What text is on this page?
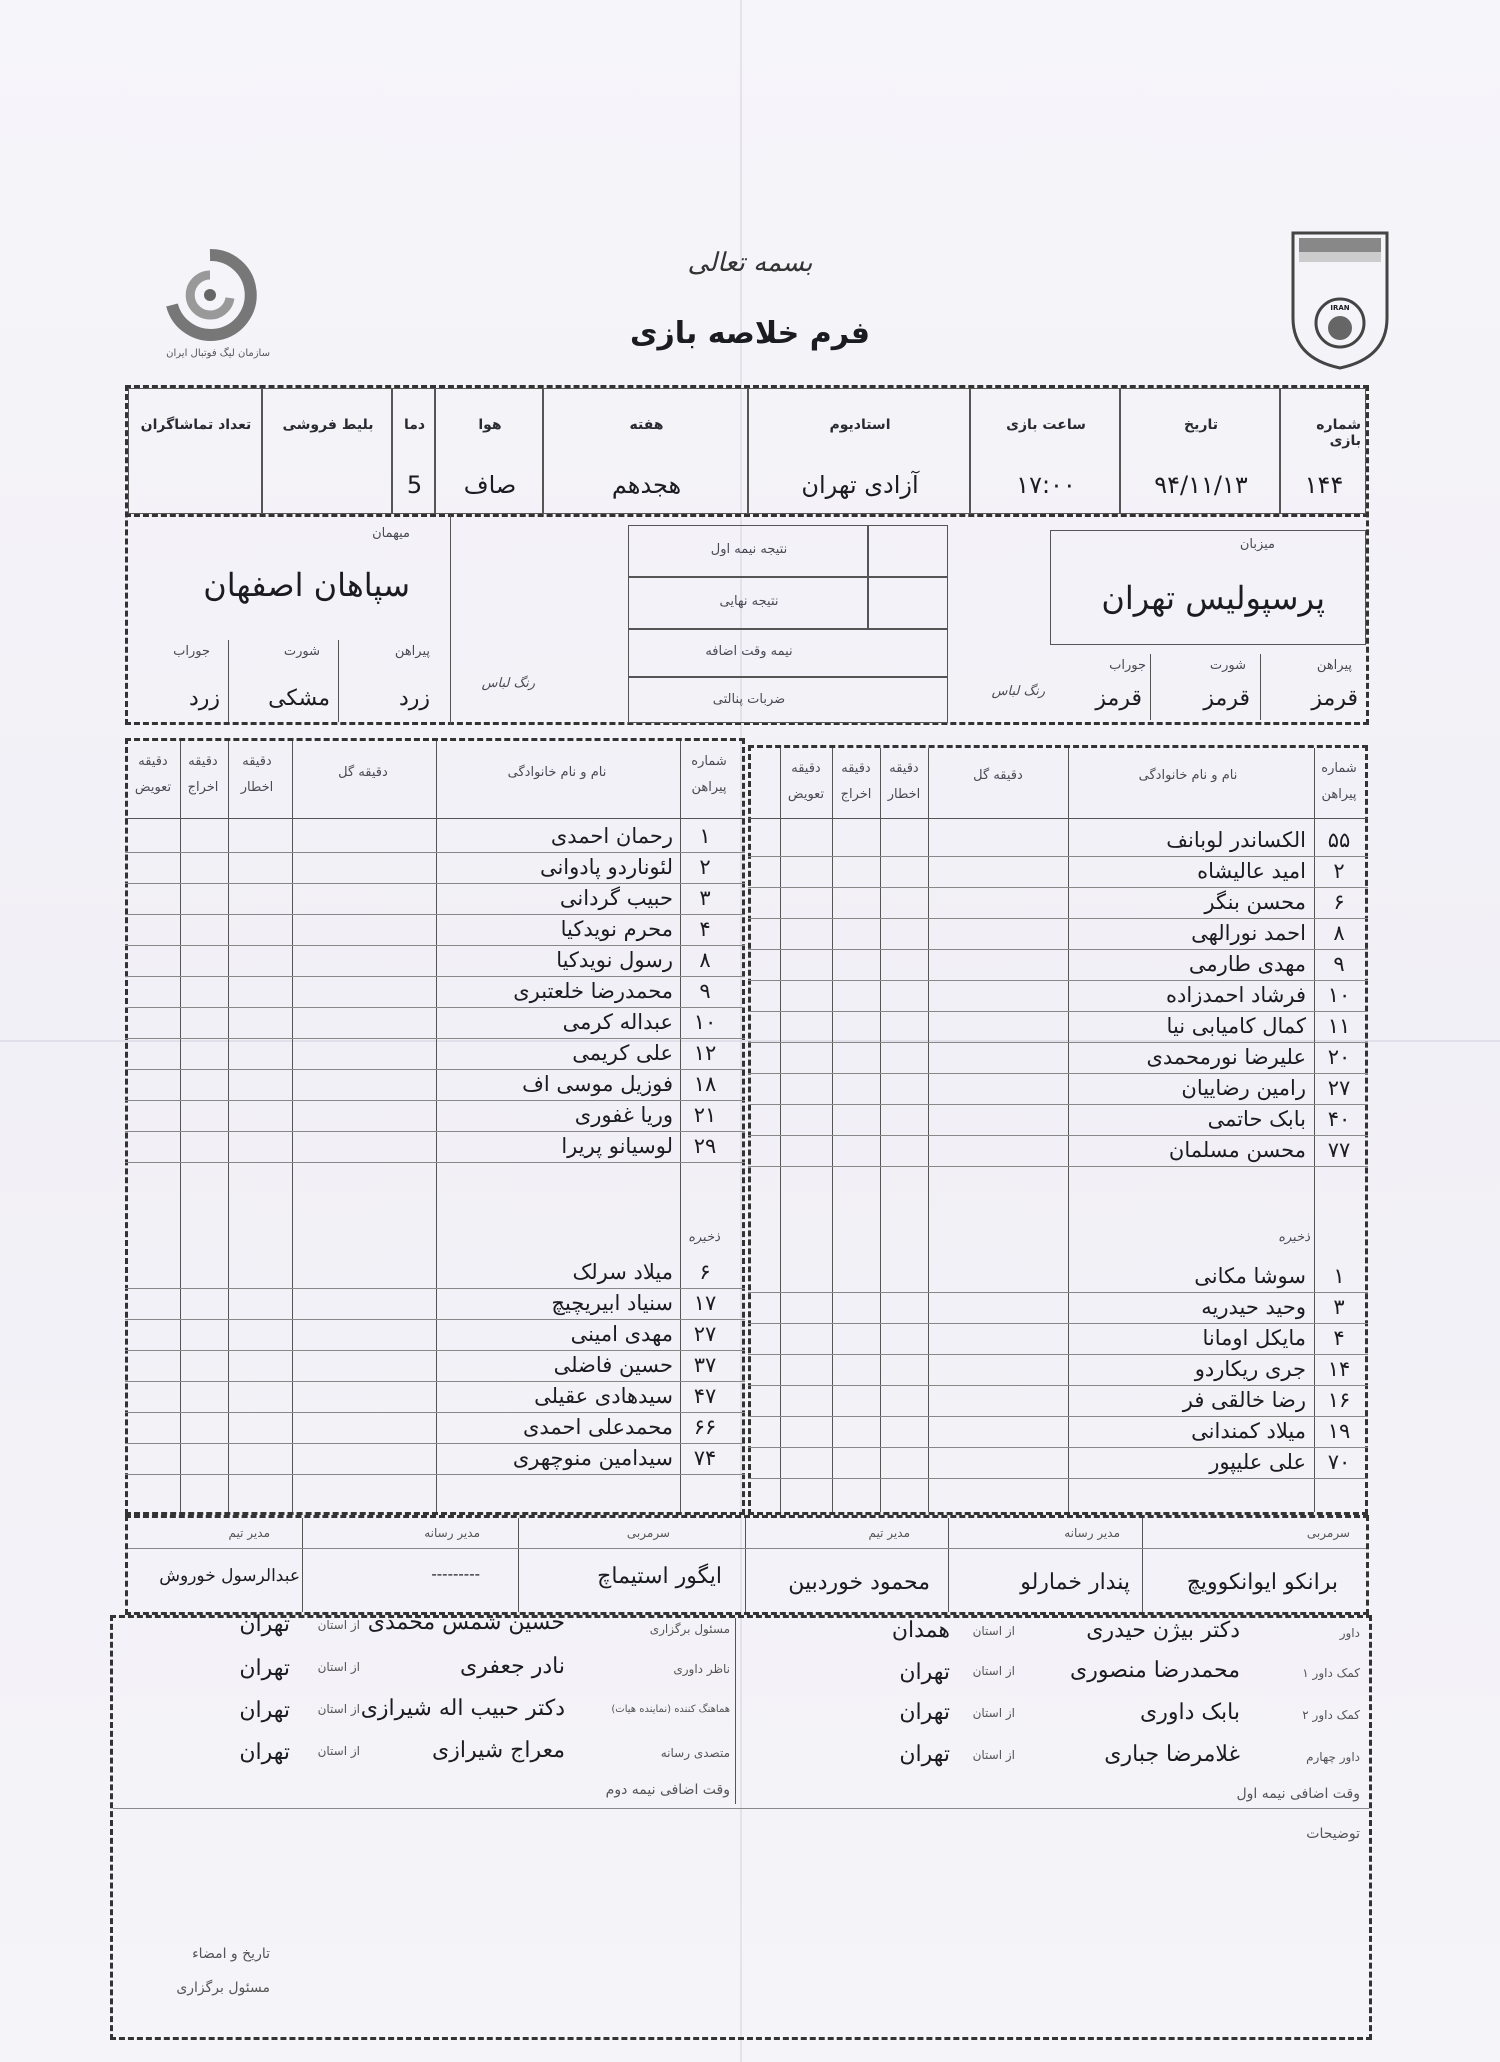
سازمان لیگ فوتبال ایران
بسمه تعالی
فرم خلاصه بازی
IRAN
شماره بازی
۱۴۴
تاریخ
۹۴/۱۱/۱۳
ساعت بازی
۱۷:۰۰
استادیوم
آزادی تهران
هفته
هجدهم
هوا
صاف
دما
5
بلیط فروشی
تعداد تماشاگران
میزبان
پرسپولیس تهران
میهمان
سپاهان اصفهان
نتیجه نیمه اول
نتیجه نهایی
نیمه وقت اضافه
ضربات پنالتی
پیراهن
شورت
جوراب
قرمز
قرمز
قرمز
رنگ لباس
پیراهن
شورت
جوراب
زرد
مشکی
زرد
رنگ لباس
شماره
پیراهن
نام و نام خانوادگی
دقیقه گل
دقیقه
اخطار
دقیقه
اخراج
دقیقه
تعویض
۵۵
الکساندر لوبانف
۲
امید عالیشاه
۶
محسن بنگر
۸
احمد نورالهی
۹
مهدی طارمی
۱۰
فرشاد احمدزاده
۱۱
کمال کامیابی نیا
۲۰
علیرضا نورمحمدی
۲۷
رامین رضاییان
۴۰
بابک حاتمی
۷۷
محسن مسلمان
ذخیره
۱
سوشا مکانی
۳
وحید حیدریه
۴
مایکل اومانا
۱۴
جری ریکاردو
۱۶
رضا خالقی فر
۱۹
میلاد کمندانی
۷۰
علی علیپور
شماره
پیراهن
نام و نام خانوادگی
دقیقه گل
دقیقه
اخطار
دقیقه
اخراج
دقیقه
تعویض
۱
رحمان احمدی
۲
لئوناردو پادوانی
۳
حبیب گردانی
۴
محرم نویدکیا
۸
رسول نویدکیا
۹
محمدرضا خلعتبری
۱۰
عبداله کرمی
۱۲
علی کریمی
۱۸
فوزیل موسی اف
۲۱
وریا غفوری
۲۹
لوسیانو پریرا
ذخیره
۶
میلاد سرلک
۱۷
سنیاد ابیریچیچ
۲۷
مهدی امینی
۳۷
حسین فاضلی
۴۷
سیدهادی عقیلی
۶۶
محمدعلی احمدی
۷۴
سیدامین منوچهری
سرمربی
مدیر رسانه
مدیر تیم
برانکو ایوانکوویچ
پندار خمارلو
محمود خوردبین
سرمربی
مدیر رسانه
مدیر تیم
ایگور استیماچ
---------
عبدالرسول خوروش
داور
دکتر بیژن حیدری
از استان
همدان
کمک داور ۱
محمدرضا منصوری
از استان
تهران
کمک داور ۲
بابک داوری
از استان
تهران
داور چهارم
غلامرضا جباری
از استان
تهران
مسئول برگزاری
حسین شمس محمدی
از استان
تهران
ناظر داوری
نادر جعفری
از استان
تهران
هماهنگ کننده (نماینده هیات)
دکتر حبیب اله شیرازی
از استان
تهران
متصدی رسانه
معراج شیرازی
از استان
تهران
وقت اضافی نیمه اول
وقت اضافی نیمه دوم
توضیحات
تاریخ و امضاء
مسئول برگزاری
